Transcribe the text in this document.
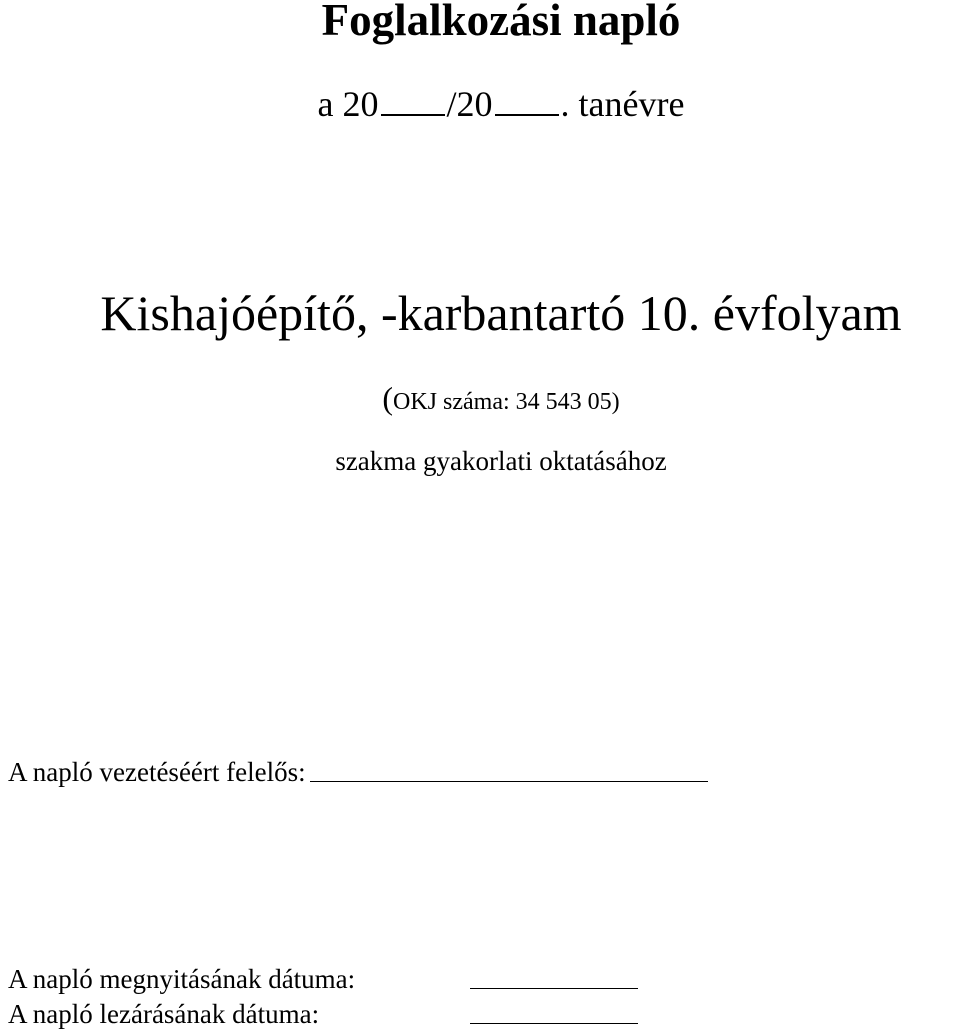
Foglalkozási napló
a 20 /20 . tanévre
Kishajóépítő, -karbantartó 10. évfolyam
(OKJ száma: 34 543 05)
szakma gyakorlati oktatásához
A napló vezetéséért felelős:
A napló megnyitásának dátuma:
A napló lezárásának dátuma:
